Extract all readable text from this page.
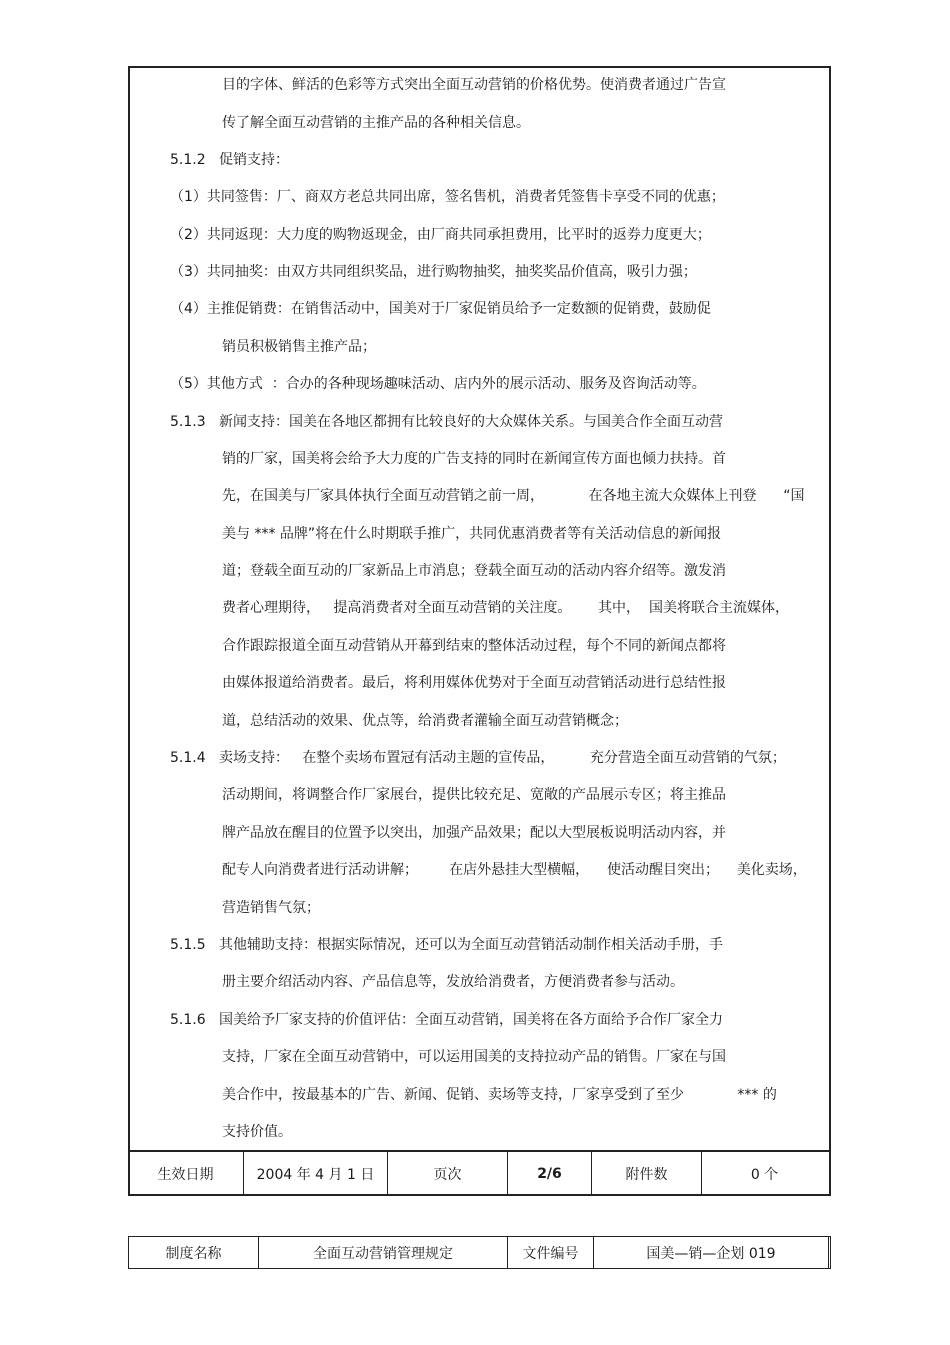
目的字体、鲜活的色彩等方式突出全面互动营销的价格优势。使消费者通过广告宣
传了解全面互动营销的主推产品的各种相关信息。
5.1.2   促销支持：
（1）共同签售：厂、商双方老总共同出席，签名售机，消费者凭签售卡享受不同的优惠；
（2）共同返现：大力度的购物返现金，由厂商共同承担费用，比平时的返券力度更大；
（3）共同抽奖：由双方共同组织奖品，进行购物抽奖，抽奖奖品价值高，吸引力强；
（4）主推促销费：在销售活动中，国美对于厂家促销员给予一定数额的促销费，鼓励促
销员积极销售主推产品；
（5）其他方式  ：合办的各种现场趣味活动、店内外的展示活动、服务及咨询活动等。
5.1.3   新闻支持：国美在各地区都拥有比较良好的大众媒体关系。与国美合作全面互动营
销的厂家，国美将会给予大力度的广告支持的同时在新闻宣传方面也倾力扶持。首
先，在国美与厂家具体执行全面互动营销之前一周，          在各地主流大众媒体上刊登      “国
美与 *** 品牌”将在什么时期联手推广，共同优惠消费者等有关活动信息的新闻报
道；登载全面互动的厂家新品上市消息；登载全面互动的活动内容介绍等。激发消
费者心理期待，   提高消费者对全面互动营销的关注度。      其中，  国美将联合主流媒体，
合作跟踪报道全面互动营销从开幕到结束的整体活动过程，每个不同的新闻点都将
由媒体报道给消费者。最后，将利用媒体优势对于全面互动营销活动进行总结性报
道，总结活动的效果、优点等，给消费者灌输全面互动营销概念；
5.1.4   卖场支持：   在整个卖场布置冠有活动主题的宣传品，        充分营造全面互动营销的气氛；
活动期间，将调整合作厂家展台，提供比较充足、宽敞的产品展示专区；将主推品
牌产品放在醒目的位置予以突出，加强产品效果；配以大型展板说明活动内容，并
配专人向消费者进行活动讲解；       在店外悬挂大型横幅，    使活动醒目突出；    美化卖场，
营造销售气氛；
5.1.5   其他辅助支持：根据实际情况，还可以为全面互动营销活动制作相关活动手册，手
册主要介绍活动内容、产品信息等，发放给消费者，方便消费者参与活动。
5.1.6   国美给予厂家支持的价值评估：全面互动营销，国美将在各方面给予合作厂家全力
支持，厂家在全面互动营销中，可以运用国美的支持拉动产品的销售。厂家在与国
美合作中，按最基本的广告、新闻、促销、卖场等支持，厂家享受到了至少            *** 的
支持价值。
生效日期	2004 年 4 月 1 日	页次	2/6	附件数	0 个
制度名称	全面互动营销管理规定	文件编号	国美—销—企划 019
